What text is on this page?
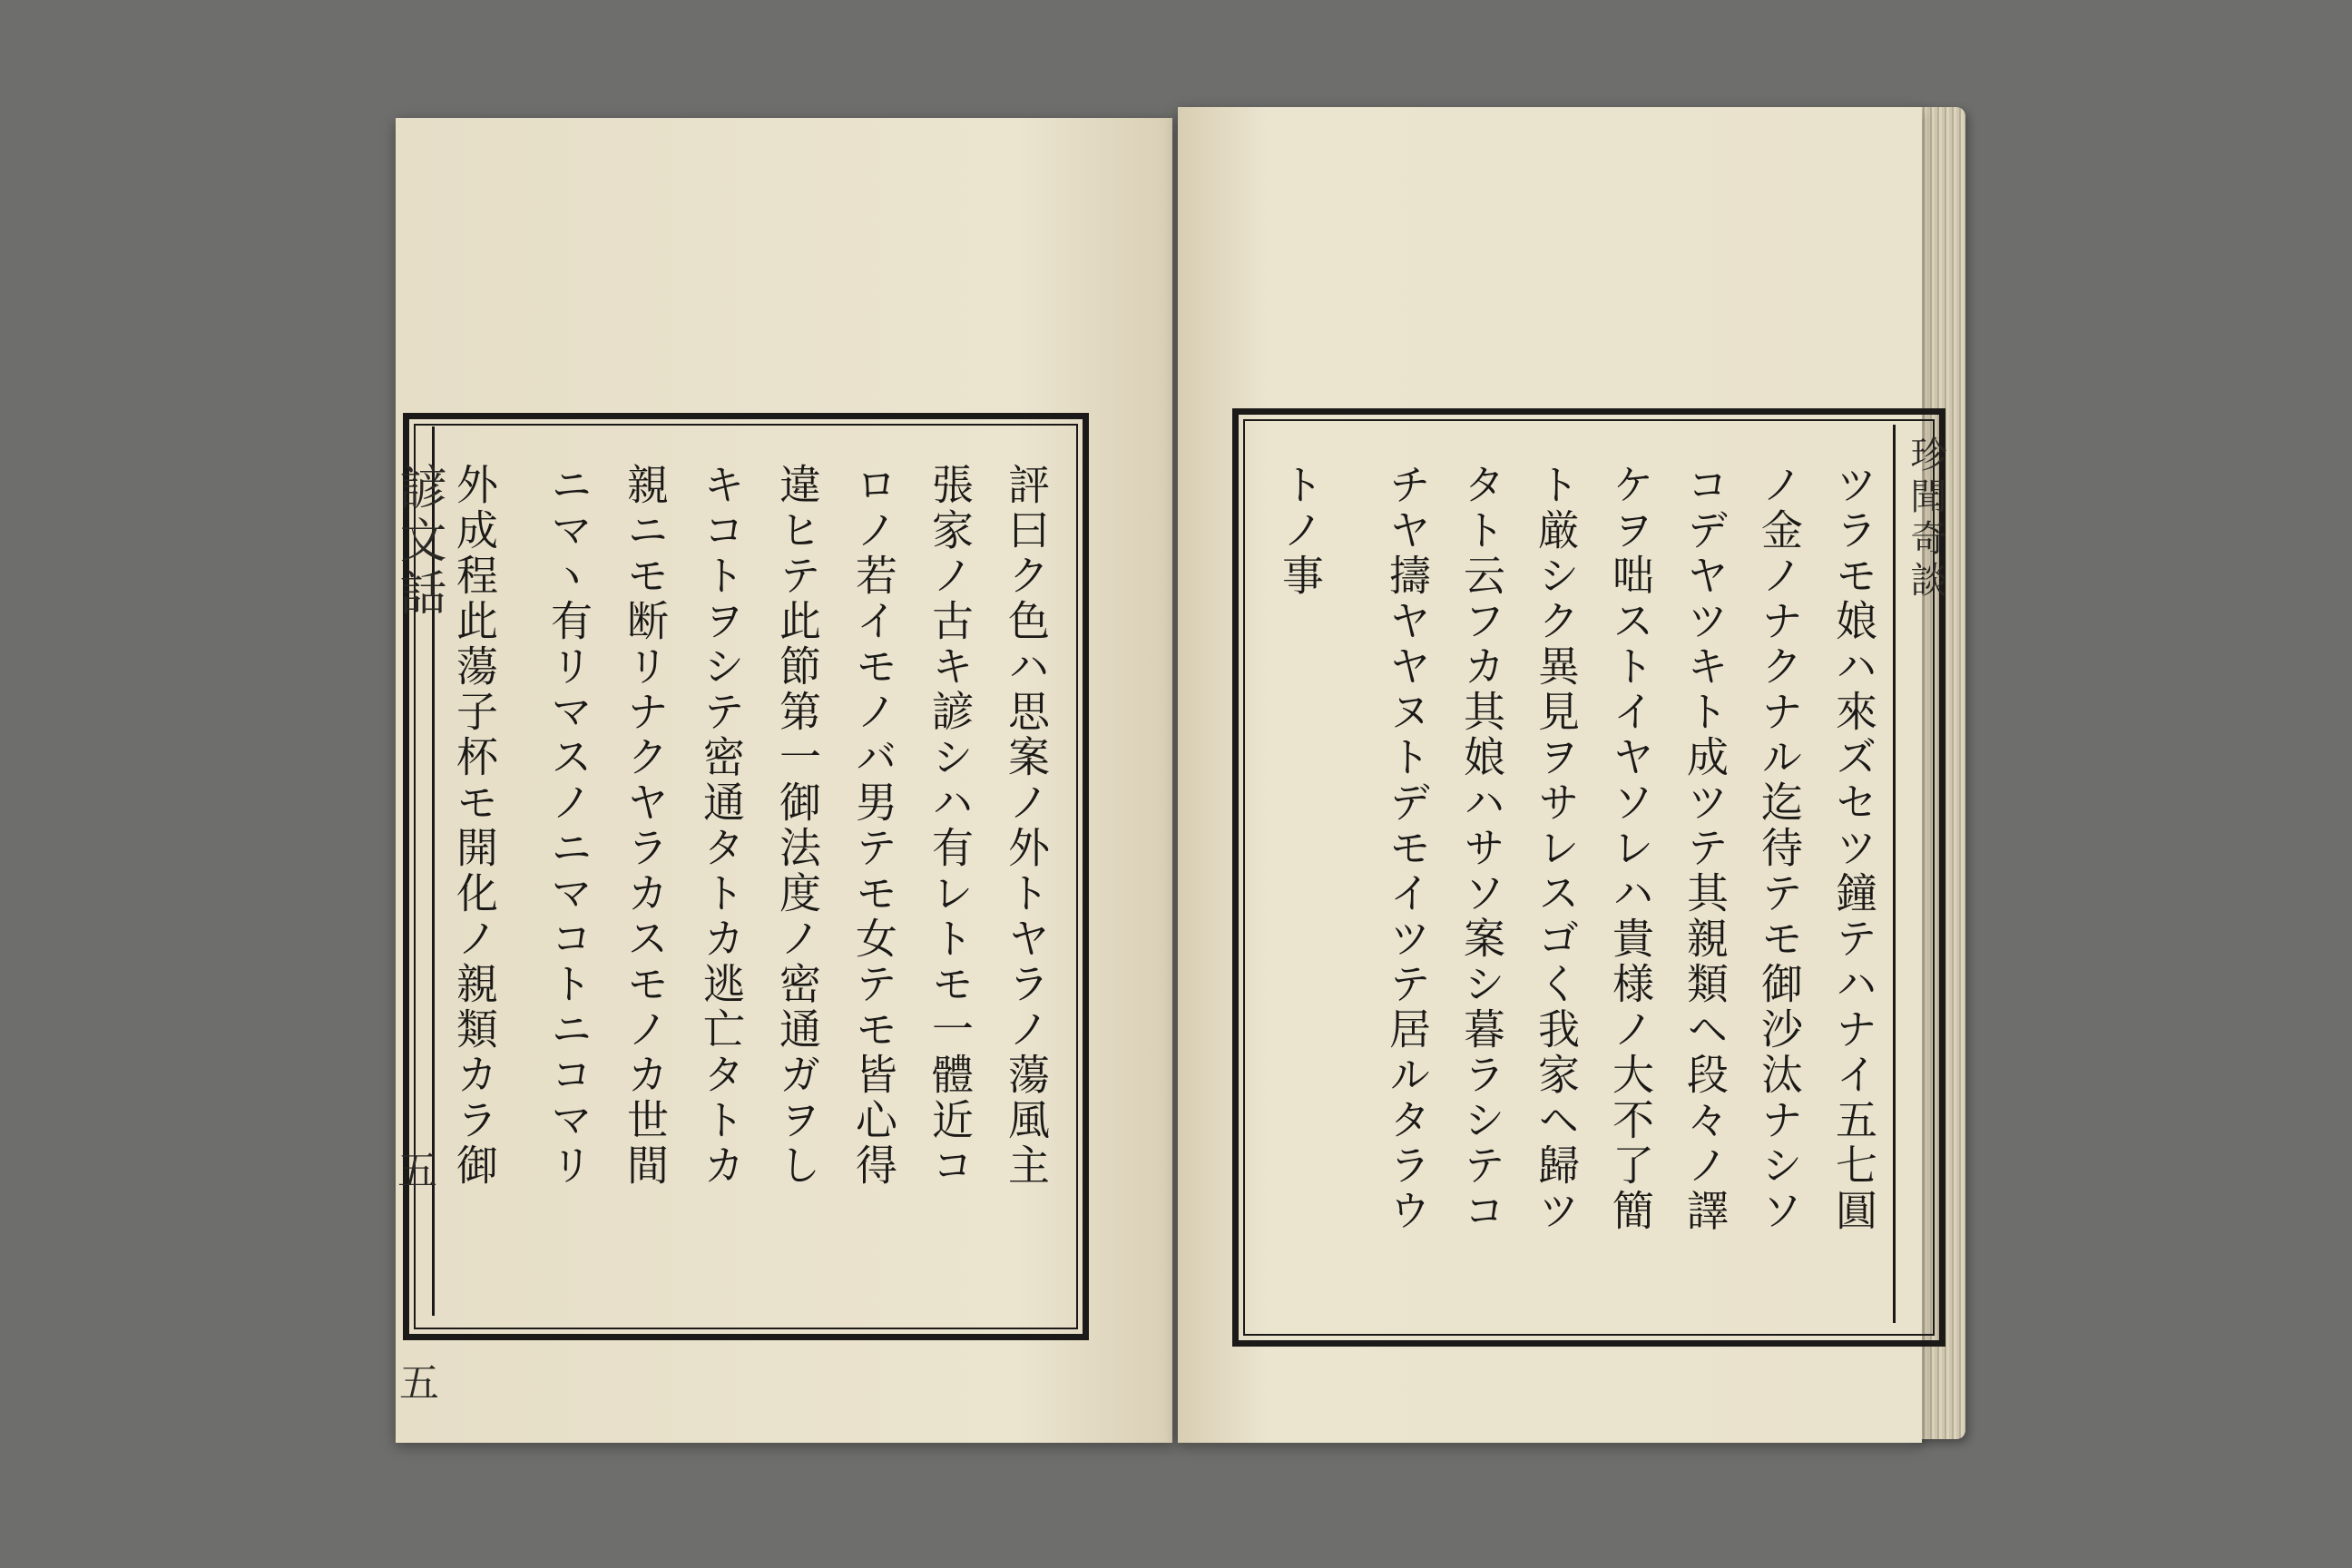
諺文話
五
五
評曰ク色ハ思案ノ外トヤラノ蕩風主
張家ノ古キ諺シハ有レトモ一體近コ
ロノ若イモノバ男テモ女テモ皆心得
違ヒテ此節第一御法度ノ密通ガヲし
キコトヲシテ密通タトカ逃亡タトカ
親ニモ断リナクヤラカスモノカ世間
ニマヽ有リマスノニマコトニコマリ
外成程此蕩子杯モ開化ノ親類カラ御	珍聞奇談
ツラモ娘ハ來ズセツ鐘テハナイ五七圓
ノ金ノナクナル迄待テモ御沙汰ナシソ
コデヤツキト成ツテ其親類ヘ段々ノ譯
ケヲ咄ストイヤソレハ貴様ノ大不了簡
ト厳シク異見ヲサレスゴく我家ヘ歸ツ
タト云フカ其娘ハサソ案シ暮ラシテコ
チヤ擣ヤヤヌトデモイツテ居ルタラウ
トノ事
